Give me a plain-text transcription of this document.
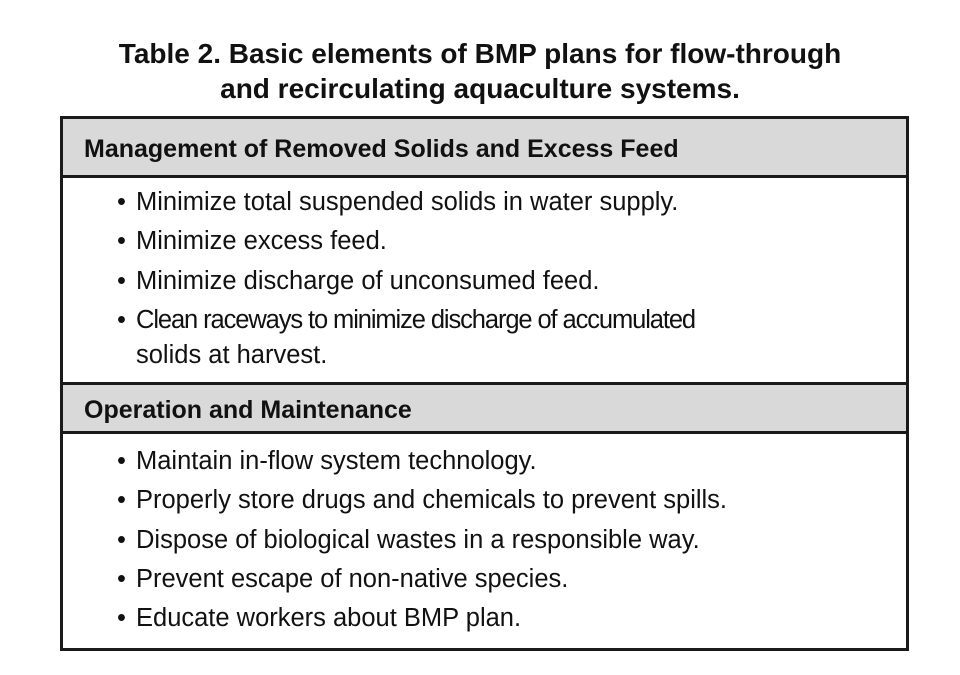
Table 2. Basic elements of BMP plans for flow-through
and recirculating aquaculture systems.
Management of Removed Solids and Excess Feed
• Minimize total suspended solids in water supply.
• Minimize excess feed.
• Minimize discharge of unconsumed feed.
• Clean raceways to minimize discharge of accumulated
solids at harvest.
Operation and Maintenance
• Maintain in-flow system technology.
• Properly store drugs and chemicals to prevent spills.
• Dispose of biological wastes in a responsible way.
• Prevent escape of non-native species.
• Educate workers about BMP plan.
